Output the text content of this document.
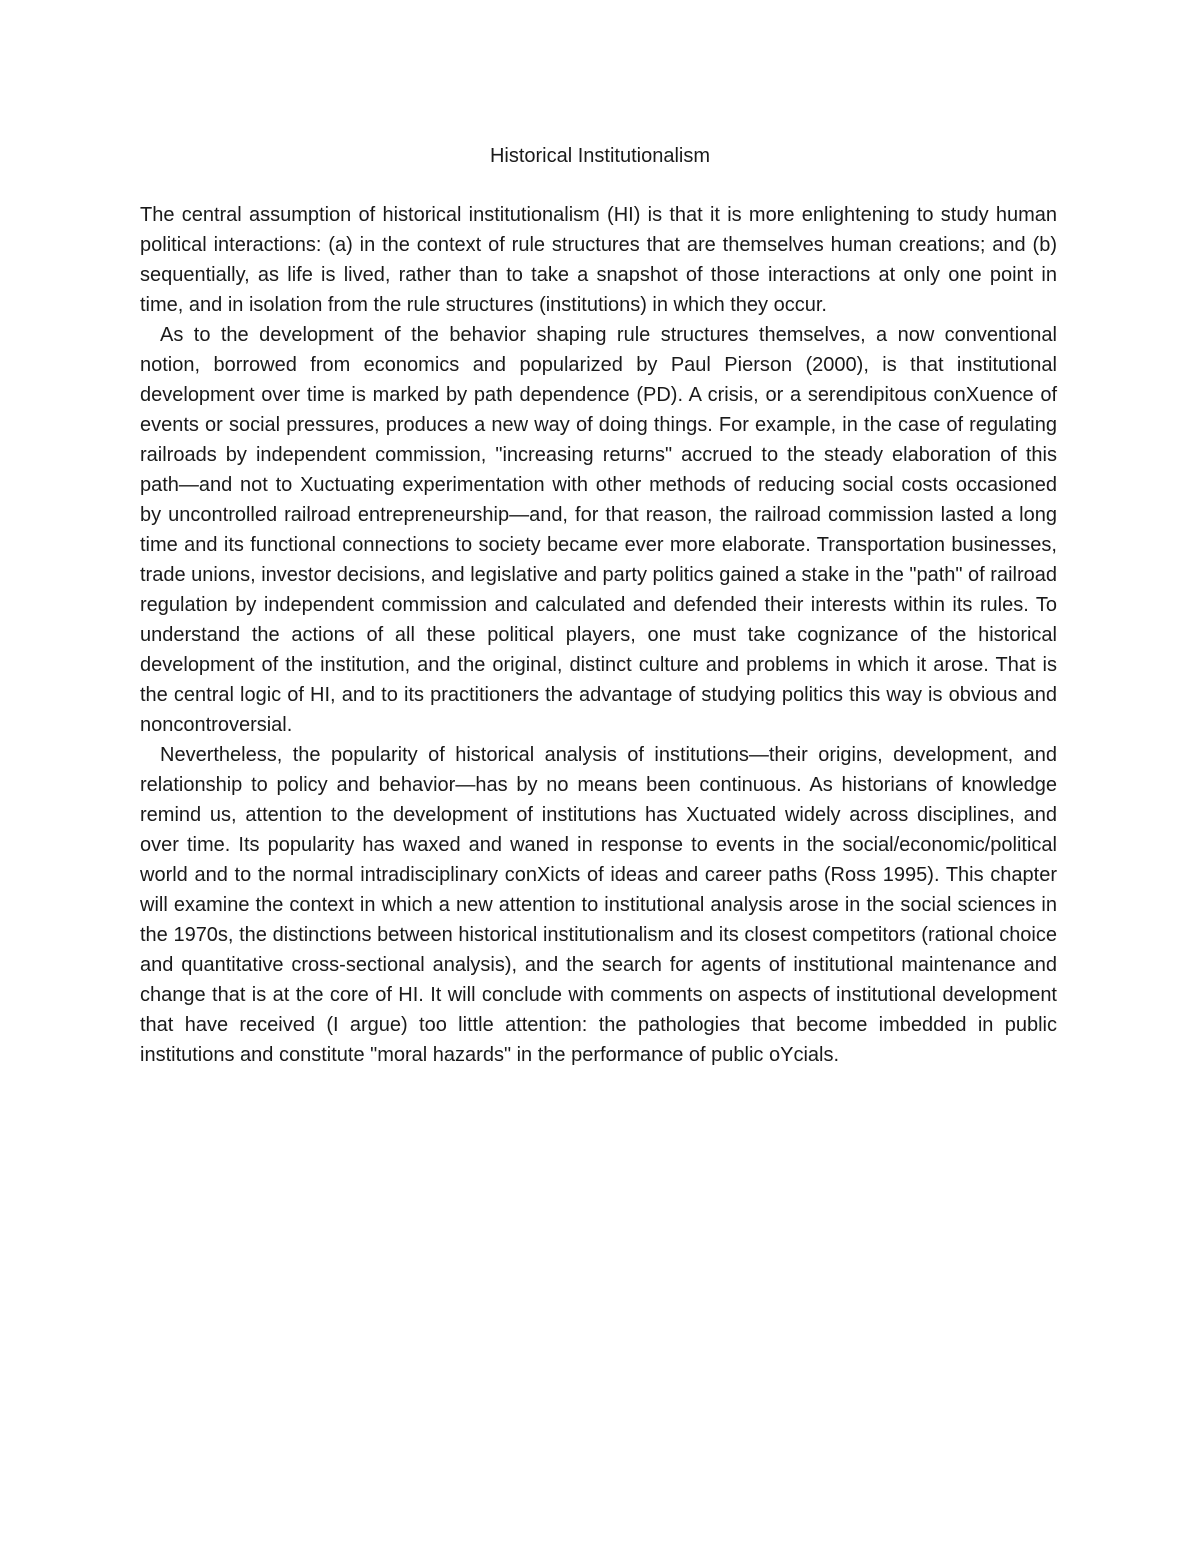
Historical Institutionalism

The central assumption of historical institutionalism (HI) is that it is more enlightening to study human political interactions: (a) in the context of rule structures that are themselves human creations; and (b) sequentially, as life is lived, rather than to take a snapshot of those interactions at only one point in time, and in isolation from the rule structures (institutions) in which they occur.

As to the development of the behavior shaping rule structures themselves, a now conventional notion, borrowed from economics and popularized by Paul Pierson (2000), is that institutional development over time is marked by path dependence (PD). A crisis, or a serendipitous conXuence of events or social pressures, produces a new way of doing things. For example, in the case of regulating railroads by independent commission, "increasing returns" accrued to the steady elaboration of this path—and not to Xuctuating experimentation with other methods of reducing social costs occasioned by uncontrolled railroad entrepreneurship—and, for that reason, the railroad commission lasted a long time and its functional connections to society became ever more elaborate. Transportation businesses, trade unions, investor decisions, and legislative and party politics gained a stake in the "path" of railroad regulation by independent commission and calculated and defended their interests within its rules. To understand the actions of all these political players, one must take cognizance of the historical development of the institution, and the original, distinct culture and problems in which it arose. That is the central logic of HI, and to its practitioners the advantage of studying politics this way is obvious and noncontroversial.

Nevertheless, the popularity of historical analysis of institutions—their origins, development, and relationship to policy and behavior—has by no means been continuous. As historians of knowledge remind us, attention to the development of institutions has Xuctuated widely across disciplines, and over time. Its popularity has waxed and waned in response to events in the social/economic/political world and to the normal intradisciplinary conXicts of ideas and career paths (Ross 1995). This chapter will examine the context in which a new attention to institutional analysis arose in the social sciences in the 1970s, the distinctions between historical institutionalism and its closest competitors (rational choice and quantitative cross-sectional analysis), and the search for agents of institutional maintenance and change that is at the core of HI. It will conclude with comments on aspects of institutional development that have received (I argue) too little attention: the pathologies that become imbedded in public institutions and constitute "moral hazards" in the performance of public oYcials.
